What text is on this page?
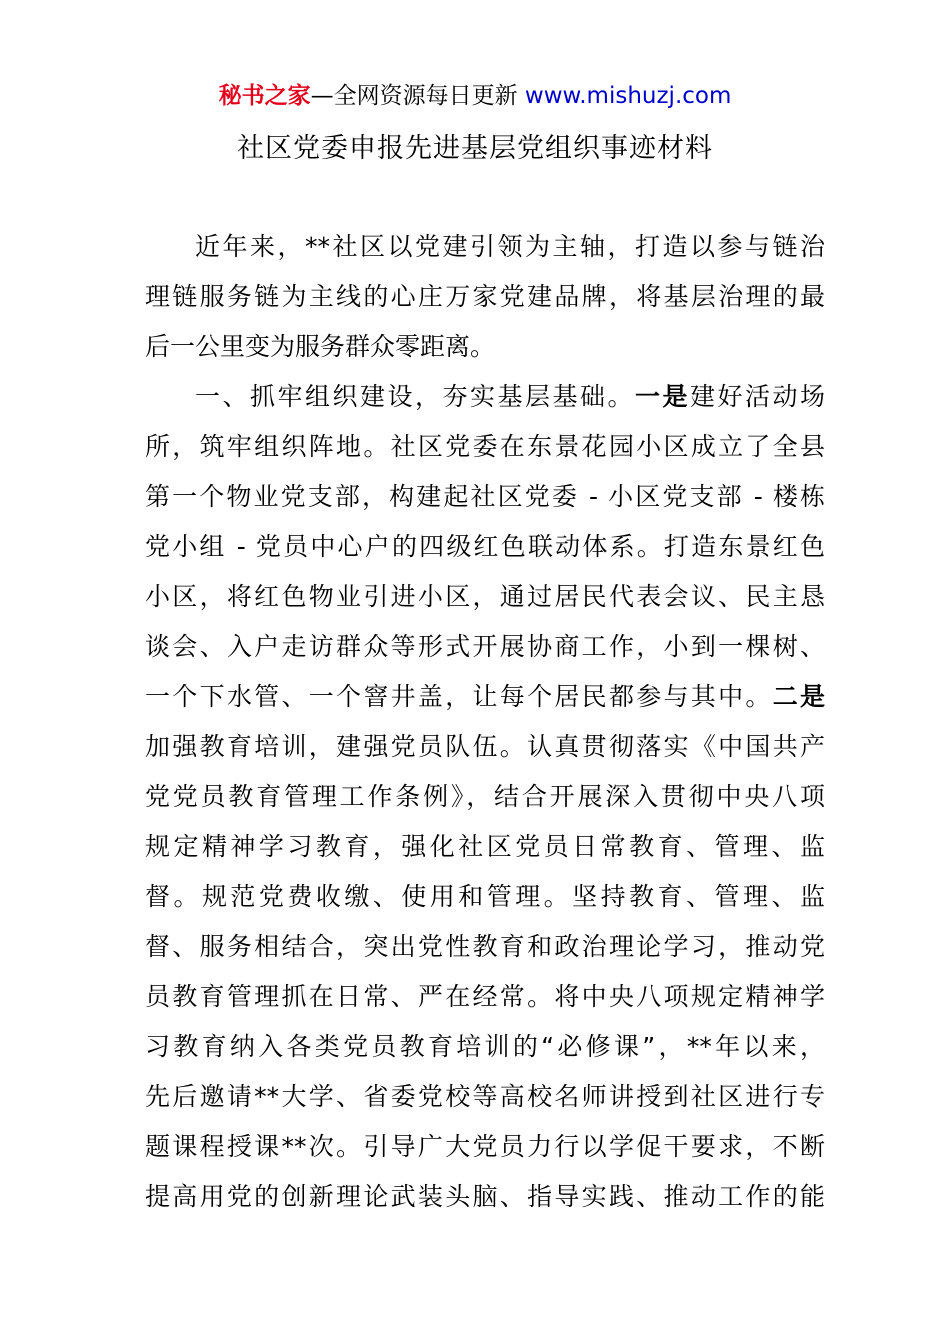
秘书之家—全网资源每日更新 www.mishuzj.com
社区党委申报先进基层党组织事迹材料
近年来，**社区以党建引领为主轴，打造以参与链治
理链服务链为主线的心庄万家党建品牌，将基层治理的最
后一公里变为服务群众零距离。
一、抓牢组织建设，夯实基层基础。一是建好活动场
所，筑牢组织阵地。社区党委在东景花园小区成立了全县
第一个物业党支部，构建起社区党委 - 小区党支部 - 楼栋
党小组 - 党员中心户的四级红色联动体系。打造东景红色
小区，将红色物业引进小区，通过居民代表会议、民主恳
谈会、入户走访群众等形式开展协商工作，小到一棵树、
一个下水管、一个窨井盖，让每个居民都参与其中。二是
加强教育培训，建强党员队伍。认真贯彻落实《中国共产
党党员教育管理工作条例》，结合开展深入贯彻中央八项
规定精神学习教育，强化社区党员日常教育、管理、监
督。规范党费收缴、使用和管理。坚持教育、管理、监
督、服务相结合，突出党性教育和政治理论学习，推动党
员教育管理抓在日常、严在经常。将中央八项规定精神学
习教育纳入各类党员教育培训的“必修课”，**年以来，
先后邀请**大学、省委党校等高校名师讲授到社区进行专
题课程授课**次。引导广大党员力行以学促干要求，不断
提高用党的创新理论武装头脑、指导实践、推动工作的能
